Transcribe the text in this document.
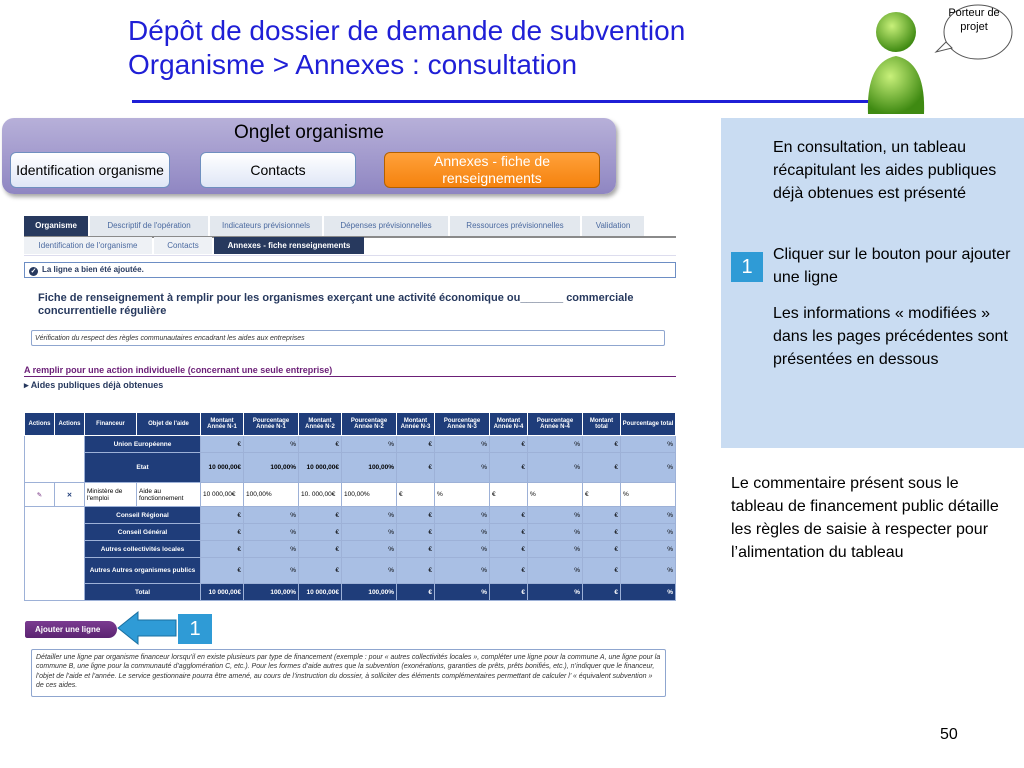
Dépôt de dossier de demande de subvention
Organisme > Annexes : consultation
Porteur de projet
Onglet organisme
Identification organisme	Contacts
Annexes - fiche de renseignements
En consultation, un tableau récapitulant les aides publiques déjà obtenues est présenté
1
Cliquer sur le bouton pour ajouter une ligne
Les informations « modifiées » dans les pages précédentes sont présentées en dessous
Le commentaire présent sous le tableau de financement public détaille les règles de saisie à respecter pour l’alimentation du tableau
Organisme	Descriptif de l'opération	Indicateurs prévisionnels	Dépenses prévisionnelles	Ressources prévisionnelles	Validation
Identification de l'organisme	Contacts	Annexes - fiche renseignements
✓ La ligne a bien été ajoutée.
Fiche de renseignement à remplir pour les organismes exerçant une activité économique ou_______ commerciale concurrentielle régulière
Vérification du respect des règles communautaires encadrant les aides aux entreprises
A remplir pour une action individuelle (concernant une seule entreprise)
▸ Aides publiques déjà obtenues
Actions	Actions	Financeur	Objet de l'aide	Montant Année N-1	Pourcentage Année N-1	Montant Année N-2	Pourcentage Année N-2	Montant Année N-3	Pourcentage Année N-3	Montant Année N-4	Pourcentage Année N-4	Montant total	Pourcentage total
		Union Européenne		€	%	€	%	€	%	€	%	€	%
		Etat		10 000,00€	100,00%	10 000,00€	100,00%	€	%	€	%	€	%
✎	✕	Ministère de l'emploi	Aide au fonctionnement	10 000,00€	100,00%	10. 000,00€	100,00%	€	%	€	%	€	%
		Conseil Régional		€	%	€	%	€	%	€	%	€	%
		Conseil Général		€	%	€	%	€	%	€	%	€	%
		Autres collectivités locales		€	%	€	%	€	%	€	%	€	%
		Autres Autres organismes publics		€	%	€	%	€	%	€	%	€	%
		Total		10 000,00€	100,00%	10 000,00€	100,00%	€	%	€	%	€	%
Ajouter une ligne	1
Détailler une ligne par organisme financeur lorsqu’il en existe plusieurs par type de financement (exemple : pour « autres collectivités locales », compléter une ligne pour la commune A, une ligne pour la commune B, une ligne pour la communauté d’agglomération C, etc.). Pour les formes d’aide autres que la subvention (exonérations, garanties de prêts, prêts bonifiés, etc.), n’indiquer que le financeur, l’objet de l’aide et l’année. Le service gestionnaire pourra être amené, au cours de l’instruction du dossier, à solliciter des éléments complémentaires permettant de calculer l’ « équivalent subvention » de ces aides.
50
